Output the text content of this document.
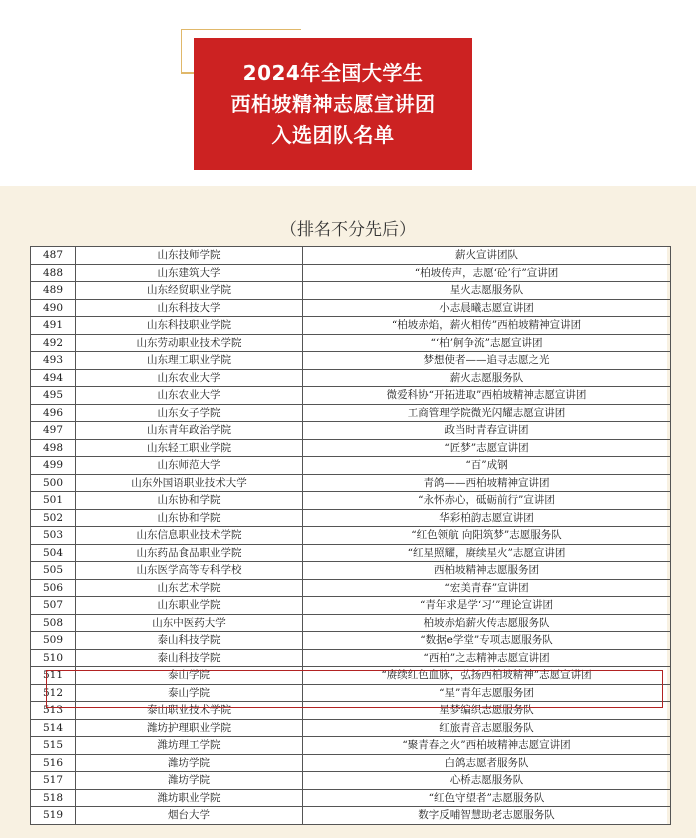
2024年全国大学生
西柏坡精神志愿宣讲团
入选团队名单
（排名不分先后）
487	山东技师学院	薪火宣讲团队
488	山东建筑大学	“柏坡传声，志愿‘砼’行”宣讲团
489	山东经贸职业学院	星火志愿服务队
490	山东科技大学	小志晨曦志愿宣讲团
491	山东科技职业学院	“柏坡赤焰，薪火相传”西柏坡精神宣讲团
492	山东劳动职业技术学院	“‘柏’舸争流”志愿宣讲团
493	山东理工职业学院	梦想使者——追寻志愿之光
494	山东农业大学	薪火志愿服务队
495	山东农业大学	微爱科协“开拓进取”西柏坡精神志愿宣讲团
496	山东女子学院	工商管理学院微光闪耀志愿宣讲团
497	山东青年政治学院	政当时青春宣讲团
498	山东轻工职业学院	“匠梦”志愿宣讲团
499	山东师范大学	“百”成钢
500	山东外国语职业技术大学	青鸽——西柏坡精神宣讲团
501	山东协和学院	“永怀赤心，砥砺前行”宣讲团
502	山东协和学院	华彩柏韵志愿宣讲团
503	山东信息职业技术学院	“红色领航 向阳筑梦”志愿服务队
504	山东药品食品职业学院	“红星照耀，赓续星火”志愿宣讲团
505	山东医学高等专科学校	西柏坡精神志愿服务团
506	山东艺术学院	“宏美青春”宣讲团
507	山东职业学院	“青年求是学‘习’”理论宣讲团
508	山东中医药大学	柏坡赤焰薪火传志愿服务队
509	泰山科技学院	“数据e学堂”专项志愿服务队
510	泰山科技学院	“西柏”之志精神志愿宣讲团
511	泰山学院	“赓续红色血脉，弘扬西柏坡精神”志愿宣讲团
512	泰山学院	“星”青年志愿服务团
513	泰山职业技术学院	星梦编织志愿服务队
514	潍坊护理职业学院	红旅青音志愿服务队
515	潍坊理工学院	“聚青春之火”西柏坡精神志愿宣讲团
516	潍坊学院	白鸽志愿者服务队
517	潍坊学院	心桥志愿服务队
518	潍坊职业学院	“红色守望者”志愿服务队
519	烟台大学	数字反哺智慧助老志愿服务队
